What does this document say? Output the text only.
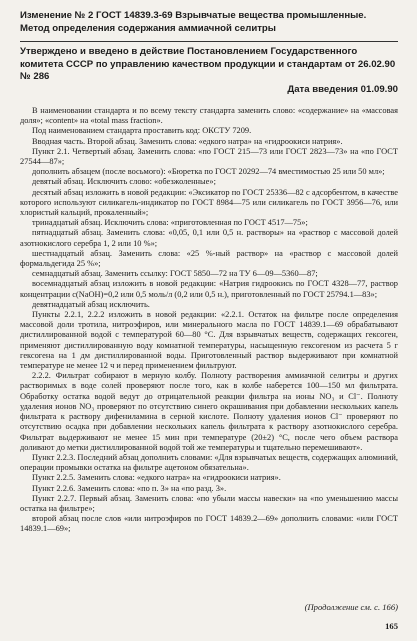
Изменение № 2 ГОСТ 14839.3-69 Взрывчатые вещества промышленные. Метод определения содержания аммиачной селитры
Утверждено и введено в действие Постановлением Государственного комитета СССР по управлению качеством продукции и стандартам от 26.02.90 № 286
Дата введения 01.09.90

В наименовании стандарта и по всему тексту стандарта заменить слово: «содержание» на «массовая доля»; «content» на «total mass fraction».

Под наименованием стандарта проставить код: ОКСТУ 7209.

Вводная часть. Второй абзац. Заменить слова: «едкого натра» на «гидроокиси натрия».

Пункт 2.1. Четвертый абзац. Заменить слова: «по ГОСТ 215—73 или ГОСТ 2823—73» на «по ГОСТ 27544—87»;

дополнить абзацем (после восьмого): «Бюретка по ГОСТ 20292—74 вместимостью 25 или 50 мл»;

девятый абзац. Исключить слово: «обезжоленные»;

десятый абзац изложить в новой редакции: «Эксикатор по ГОСТ 25336—82 с адсорбентом, в качестве которого используют силикагель-индикатор по ГОСТ 8984—75 или силикагель по ГОСТ 3956—76, или хлористый кальций, прокаленный»;

тринадцатый абзац. Исключить слова: «приготовленная по ГОСТ 4517—75»;

пятнадцатый абзац. Заменить слова: «0,05, 0,1 или 0,5 н. растворы» на «раствор с массовой долей азотнокислого серебра 1, 2 или 10 %»;

шестнадцатый абзац. Заменить слова: «25 %-ный раствор» на «раствор с массовой долей формальдегида 25 %»;

семнадцатый абзац. Заменить ссылку: ГОСТ 5850—72 на ТУ 6—09—5360—87;

восемнадцатый абзац изложить в новой редакции: «Натрия гидроокись по ГОСТ 4328—77, раствор концентрации c(NaOH)=0,2 или 0,5 моль/л (0,2 или 0,5 н.), приготовленный по ГОСТ 25794.1—83»;

девятнадцатый абзац исключить.

Пункты 2.2.1, 2.2.2 изложить в новой редакции: «2.2.1. Остаток на фильтре после определения массовой доли тротила, нитроэфиров, или минерального масла по ГОСТ 14839.1—69 обрабатывают дистиллированной водой с температурой 60—80 °С. Для взрывчатых веществ, содержащих гексоген, применяют дистиллированную воду комнатной температуры, насыщенную гексогеном из расчета 5 г гексогена на 1 дм дистиллированной воды. Приготовленный раствор выдерживают при комнатной температуре не менее 12 ч и перед применением фильтруют.

2.2.2. Фильтрат собирают в мерную колбу. Полноту растворения аммиачной селитры и других растворимых в воде солей проверяют после того, как в колбе наберется 100—150 мл фильтрата. Обработку остатка водой ведут до отрицательной реакции фильтра на ионы NO₃ и Cl⁻. Полноту удаления ионов NO₃ проверяют по отсутствию синего окрашивания при добавлении нескольких капель фильтрата к раствору дифениламина в серной кислоте. Полноту удаления ионов Cl⁻ проверяют по отсутствию осадка при добавлении нескольких капель фильтрата к раствору азотнокислого серебра. Фильтрат выдерживают не менее 15 мин при температуре (20±2) °С, после чего объем раствора доливают до метки дистиллированной водой той же температуры и тщательно перемешивают».

Пункт 2.2.3. Последний абзац дополнить словами: «Для взрывчатых веществ, содержащих алюминий, операции промывки остатка на фильтре ацетоном обязательна».

Пункт 2.2.5. Заменить слова: «едкого натра» на «гидроокиси натрия».

Пункт 2.2.6. Заменить слова: «по п. 3» на «по разд. 3».

Пункт 2.2.7. Первый абзац. Заменить слова: «по убыли массы навески» на «по уменьшению массы остатка на фильтре»;

второй абзац после слов «или нитроэфиров по ГОСТ 14839.2—69» дополнить словами: «или ГОСТ 14839.1—69»;

(Продолжение см. с. 166)
165
